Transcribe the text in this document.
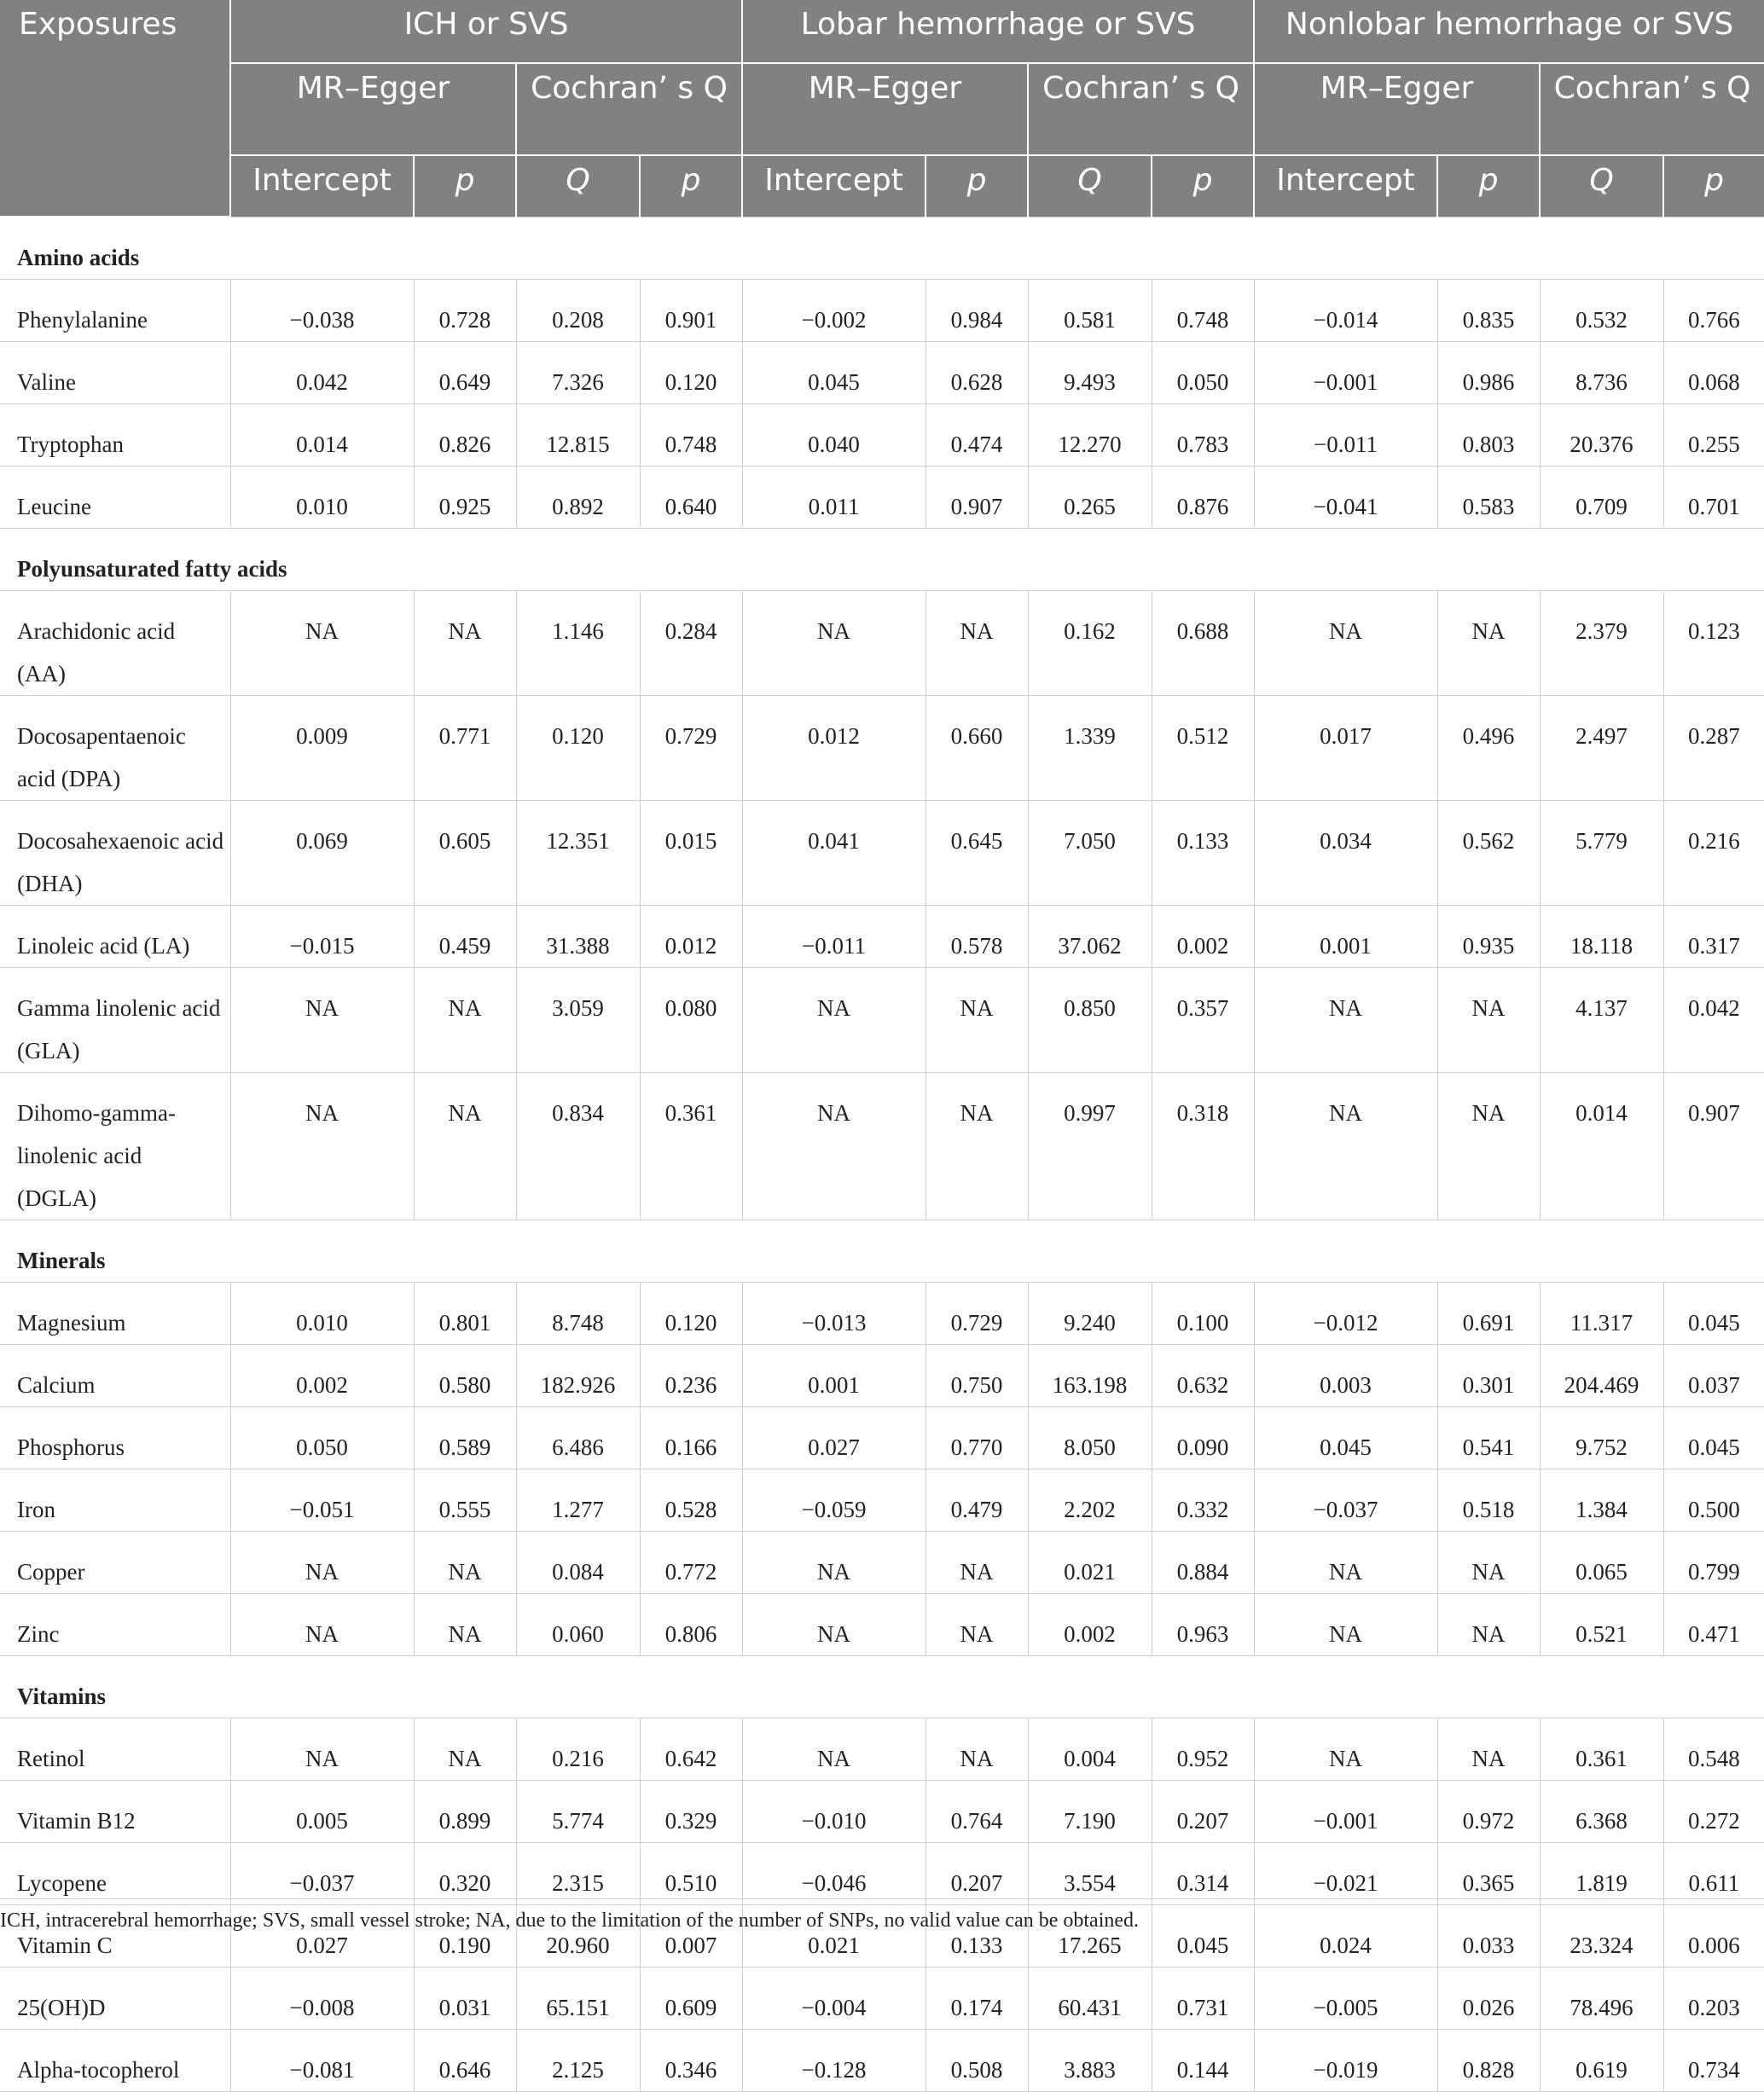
Exposures	ICH or SVS				Lobar hemorrhage or SVS				Nonlobar hemorrhage or SVS			
	MR–Egger		Cochran’ s Q		MR–Egger		Cochran’ s Q		MR–Egger		Cochran’ s Q	
	Intercept	p	Q	p	Intercept	p	Q	p	Intercept	p	Q	p
Amino acids												
Phenylalanine	−0.038	0.728	0.208	0.901	−0.002	0.984	0.581	0.748	−0.014	0.835	0.532	0.766
Valine	0.042	0.649	7.326	0.120	0.045	0.628	9.493	0.050	−0.001	0.986	8.736	0.068
Tryptophan	0.014	0.826	12.815	0.748	0.040	0.474	12.270	0.783	−0.011	0.803	20.376	0.255
Leucine	0.010	0.925	0.892	0.640	0.011	0.907	0.265	0.876	−0.041	0.583	0.709	0.701
Polyunsaturated fatty acids												
Arachidonic acid (AA)	NA	NA	1.146	0.284	NA	NA	0.162	0.688	NA	NA	2.379	0.123
Docosapentaenoic acid (DPA)	0.009	0.771	0.120	0.729	0.012	0.660	1.339	0.512	0.017	0.496	2.497	0.287
Docosahexaenoic acid (DHA)	0.069	0.605	12.351	0.015	0.041	0.645	7.050	0.133	0.034	0.562	5.779	0.216
Linoleic acid (LA)	−0.015	0.459	31.388	0.012	−0.011	0.578	37.062	0.002	0.001	0.935	18.118	0.317
Gamma linolenic acid (GLA)	NA	NA	3.059	0.080	NA	NA	0.850	0.357	NA	NA	4.137	0.042
Dihomo-gamma-linolenic acid (DGLA)	NA	NA	0.834	0.361	NA	NA	0.997	0.318	NA	NA	0.014	0.907
Minerals												
Magnesium	0.010	0.801	8.748	0.120	−0.013	0.729	9.240	0.100	−0.012	0.691	11.317	0.045
Calcium	0.002	0.580	182.926	0.236	0.001	0.750	163.198	0.632	0.003	0.301	204.469	0.037
Phosphorus	0.050	0.589	6.486	0.166	0.027	0.770	8.050	0.090	0.045	0.541	9.752	0.045
Iron	−0.051	0.555	1.277	0.528	−0.059	0.479	2.202	0.332	−0.037	0.518	1.384	0.500
Copper	NA	NA	0.084	0.772	NA	NA	0.021	0.884	NA	NA	0.065	0.799
Zinc	NA	NA	0.060	0.806	NA	NA	0.002	0.963	NA	NA	0.521	0.471
Vitamins												
Retinol	NA	NA	0.216	0.642	NA	NA	0.004	0.952	NA	NA	0.361	0.548
Vitamin B12	0.005	0.899	5.774	0.329	−0.010	0.764	7.190	0.207	−0.001	0.972	6.368	0.272
Lycopene	−0.037	0.320	2.315	0.510	−0.046	0.207	3.554	0.314	−0.021	0.365	1.819	0.611
Vitamin C	0.027	0.190	20.960	0.007	0.021	0.133	17.265	0.045	0.024	0.033	23.324	0.006
25(OH)D	−0.008	0.031	65.151	0.609	−0.004	0.174	60.431	0.731	−0.005	0.026	78.496	0.203
Alpha-tocopherol	−0.081	0.646	2.125	0.346	−0.128	0.508	3.883	0.144	−0.019	0.828	0.619	0.734
ICH, intracerebral hemorrhage; SVS, small vessel stroke; NA, due to the limitation of the number of SNPs, no valid value can be obtained.
